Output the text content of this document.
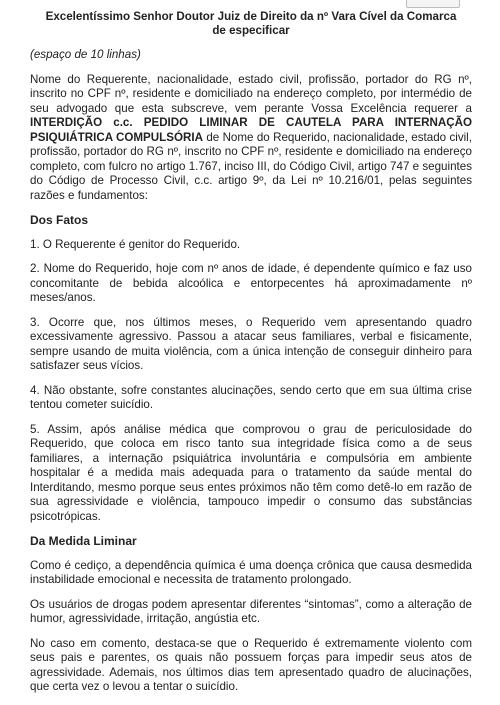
Excelentíssimo Senhor Doutor Juiz de Direito da nº Vara Cível da Comarca
de especificar
(espaço de 10 linhas)

Nome do Requerente, nacionalidade, estado civil, profissão, portador do RG nº, inscrito no CPF nº, residente e domiciliado na endereço completo, por intermédio de seu advogado que esta subscreve, vem perante Vossa Excelência requerer a INTERDIÇÃO c.c. PEDIDO LIMINAR DE CAUTELA PARA INTERNAÇÃO PSIQUIÁTRICA COMPULSÓRIA de Nome do Requerido, nacionalidade, estado civil, profissão, portador do RG nº, inscrito no CPF nº, residente e domiciliado na endereço completo, com fulcro no artigo 1.767, inciso III, do Código Civil, artigo 747 e seguintes do Código de Processo Civil, c.c. artigo 9º, da Lei nº 10.216/01, pelas seguintes razões e fundamentos:

Dos Fatos

1. O Requerente é genitor do Requerido.

2. Nome do Requerido, hoje com nº anos de idade, é dependente químico e faz uso concomitante de bebida alcoólica e entorpecentes há aproximadamente nº meses/anos.

3. Ocorre que, nos últimos meses, o Requerido vem apresentando quadro excessivamente agressivo. Passou a atacar seus familiares, verbal e fisicamente, sempre usando de muita violência, com a única intenção de conseguir dinheiro para satisfazer seus vícios.

4. Não obstante, sofre constantes alucinações, sendo certo que em sua última crise tentou cometer suicídio.

5. Assim, após análise médica que comprovou o grau de periculosidade do Requerido, que coloca em risco tanto sua integridade física como a de seus familiares, a internação psiquiátrica involuntária e compulsória em ambiente hospitalar é a medida mais adequada para o tratamento da saúde mental do Interditando, mesmo porque seus entes próximos não têm como detê-lo em razão de sua agressividade e violência, tampouco impedir o consumo das substâncias psicotrópicas.

Da Medida Liminar

Como é cediço, a dependência química é uma doença crônica que causa desmedida instabilidade emocional e necessita de tratamento prolongado.

Os usuários de drogas podem apresentar diferentes “sintomas”, como a alteração de humor, agressividade, irritação, angústia etc.

No caso em comento, destaca-se que o Requerido é extremamente violento com seus pais e parentes, os quais não possuem forças para impedir seus atos de agressividade. Ademais, nos últimos dias tem apresentado quadro de alucinações, que certa vez o levou a tentar o suicídio.
